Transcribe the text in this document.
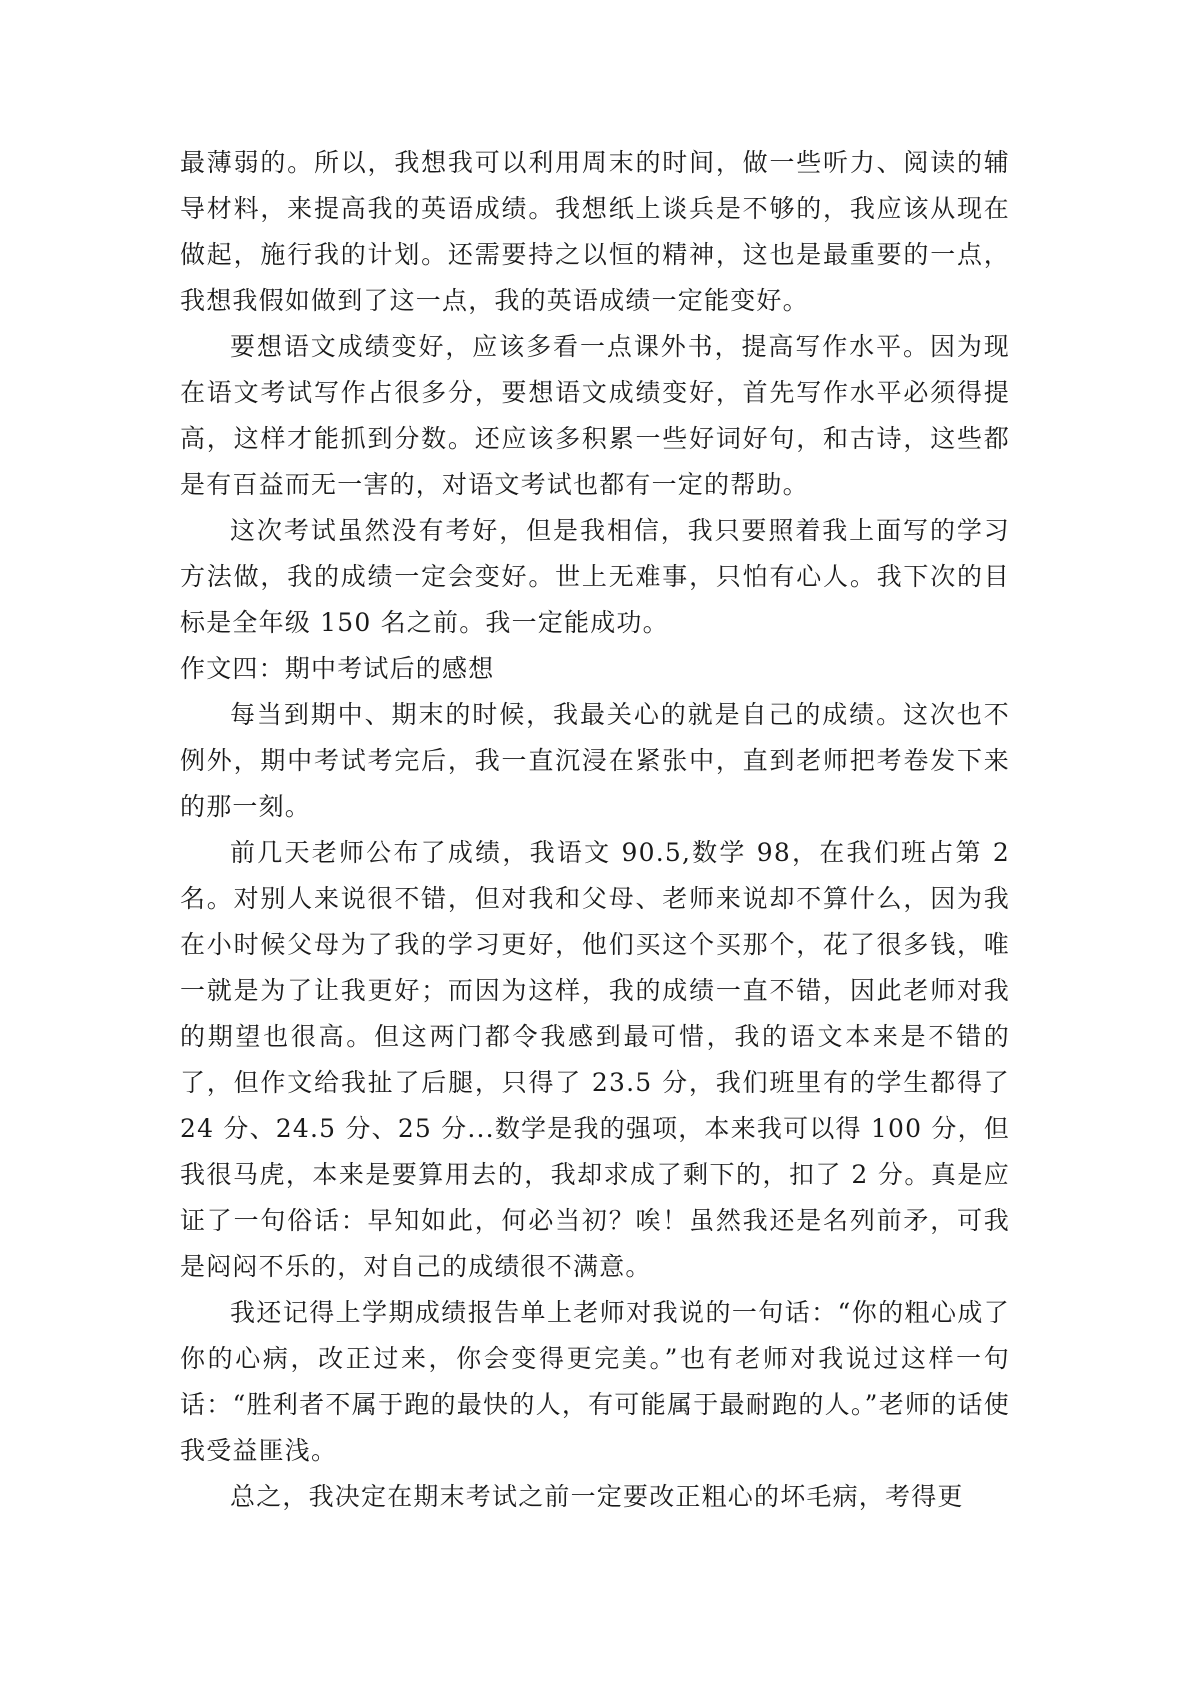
最薄弱的。所以，我想我可以利用周末的时间，做一些听力、阅读的辅导材料，来提高我的英语成绩。我想纸上谈兵是不够的，我应该从现在做起，施行我的计划。还需要持之以恒的精神，这也是最重要的一点，我想我假如做到了这一点，我的英语成绩一定能变好。

要想语文成绩变好，应该多看一点课外书，提高写作水平。因为现在语文考试写作占很多分，要想语文成绩变好，首先写作水平必须得提高，这样才能抓到分数。还应该多积累一些好词好句，和古诗，这些都是有百益而无一害的，对语文考试也都有一定的帮助。

这次考试虽然没有考好，但是我相信，我只要照着我上面写的学习方法做，我的成绩一定会变好。世上无难事，只怕有心人。我下次的目标是全年级 150 名之前。我一定能成功。

作文四：期中考试后的感想

每当到期中、期末的时候，我最关心的就是自己的成绩。这次也不例外，期中考试考完后，我一直沉浸在紧张中，直到老师把考卷发下来的那一刻。

前几天老师公布了成绩，我语文 90.5,数学 98，在我们班占第 2 名。对别人来说很不错，但对我和父母、老师来说却不算什么，因为我在小时候父母为了我的学习更好，他们买这个买那个，花了很多钱，唯一就是为了让我更好；而因为这样，我的成绩一直不错，因此老师对我的期望也很高。但这两门都令我感到最可惜，我的语文本来是不错的了，但作文给我扯了后腿，只得了 23.5 分，我们班里有的学生都得了 24 分、24.5 分、25 分...数学是我的强项，本来我可以得 100 分，但我很马虎，本来是要算用去的，我却求成了剩下的，扣了 2 分。真是应证了一句俗话：早知如此，何必当初？唉！虽然我还是名列前矛，可我是闷闷不乐的，对自己的成绩很不满意。

我还记得上学期成绩报告单上老师对我说的一句话：“你的粗心成了你的心病，改正过来，你会变得更完美。”也有老师对我说过这样一句话：“胜利者不属于跑的最快的人，有可能属于最耐跑的人。”老师的话使我受益匪浅。

总之，我决定在期末考试之前一定要改正粗心的坏毛病，考得更
